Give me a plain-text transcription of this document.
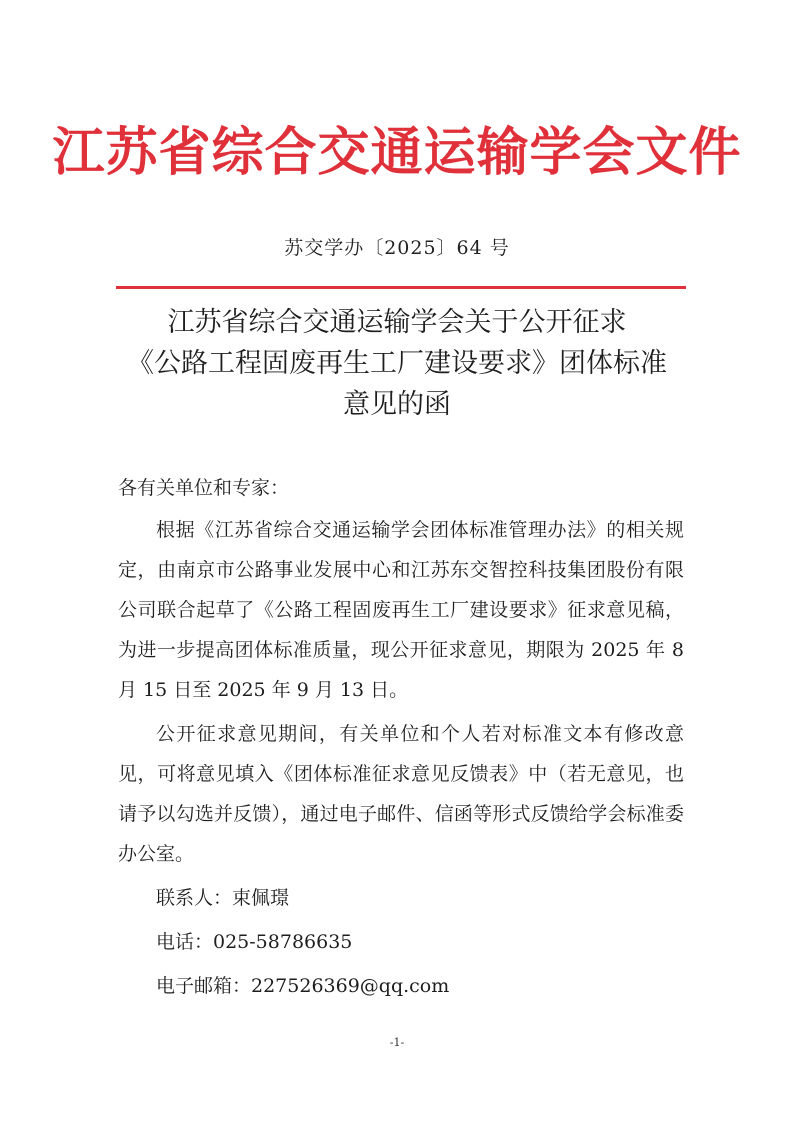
江苏省综合交通运输学会文件
苏交学办〔2025〕64 号
江苏省综合交通运输学会关于公开征求
《公路工程固废再生工厂建设要求》团体标准
意见的函
各有关单位和专家：

根据《江苏省综合交通运输学会团体标准管理办法》的相关规定，由南京市公路事业发展中心和江苏东交智控科技集团股份有限公司联合起草了《公路工程固废再生工厂建设要求》征求意见稿，为进一步提高团体标准质量，现公开征求意见，期限为 2025 年 8 月 15 日至 2025 年 9 月 13 日。

公开征求意见期间，有关单位和个人若对标准文本有修改意见，可将意见填入《团体标准征求意见反馈表》中（若无意见，也请予以勾选并反馈），通过电子邮件、信函等形式反馈给学会标准委办公室。

联系人：束佩璟
电话：025-58786635
电子邮箱：227526369@qq.com
-1-
